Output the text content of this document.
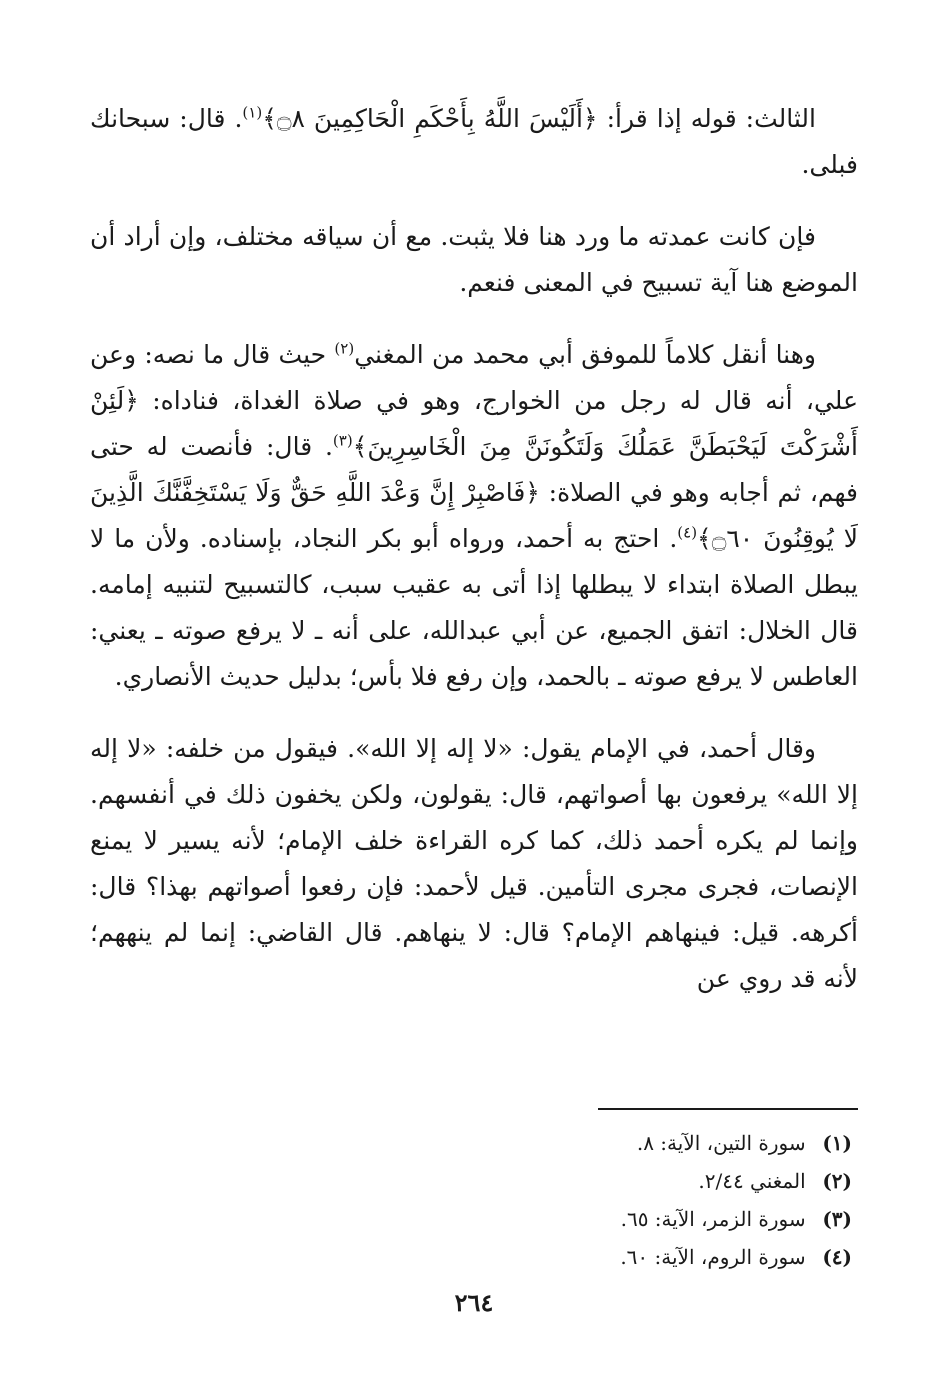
الثالث: قوله إذا قرأ: ﴿أَلَيْسَ اللَّهُ بِأَحْكَمِ الْحَاكِمِينَ ۝٨﴾$^{(١)}$. قال: سبحانك فبلى.

فإن كانت عمدته ما ورد هنا فلا يثبت. مع أن سياقه مختلف، وإن أراد أن الموضع هنا آية تسبيح في المعنى فنعم.

وهنا أنقل كلاماً للموفق أبي محمد من المغني$^{(٢)}$ حيث قال ما نصه: وعن علي، أنه قال له رجل من الخوارج، وهو في صلاة الغداة، فناداه: ﴿لَئِنْ أَشْرَكْتَ لَيَحْبَطَنَّ عَمَلُكَ وَلَتَكُونَنَّ مِنَ الْخَاسِرِينَ﴾$^{(٣)}$. قال: فأنصت له حتى فهم، ثم أجابه وهو في الصلاة: ﴿فَاصْبِرْ إِنَّ وَعْدَ اللَّهِ حَقٌّ وَلَا يَسْتَخِفَّنَّكَ الَّذِينَ لَا يُوقِنُونَ ۝٦٠﴾$^{(٤)}$. احتج به أحمد، ورواه أبو بكر النجاد، بإسناده. ولأن ما لا يبطل الصلاة ابتداء لا يبطلها إذا أتى به عقيب سبب، كالتسبيح لتنبيه إمامه. قال الخلال: اتفق الجميع، عن أبي عبدالله، على أنه ـ لا يرفع صوته ـ يعني: العاطس لا يرفع صوته ـ بالحمد، وإن رفع فلا بأس؛ بدليل حديث الأنصاري.

وقال أحمد، في الإمام يقول: «لا إله إلا الله». فيقول من خلفه: «لا إله إلا الله» يرفعون بها أصواتهم، قال: يقولون، ولكن يخفون ذلك في أنفسهم. وإنما لم يكره أحمد ذلك، كما كره القراءة خلف الإمام؛ لأنه يسير لا يمنع الإنصات، فجرى مجرى التأمين. قيل لأحمد: فإن رفعوا أصواتهم بهذا؟ قال: أكرهه. قيل: فينهاهم الإمام؟ قال: لا ينهاهم. قال القاضي: إنما لم ينههم؛ لأنه قد روي عن

(١) سورة التين، الآية: ٨.
(٢) المغني ٢/٤٤.
(٣) سورة الزمر، الآية: ٦٥.
(٤) سورة الروم، الآية: ٦٠.
٢٦٤
